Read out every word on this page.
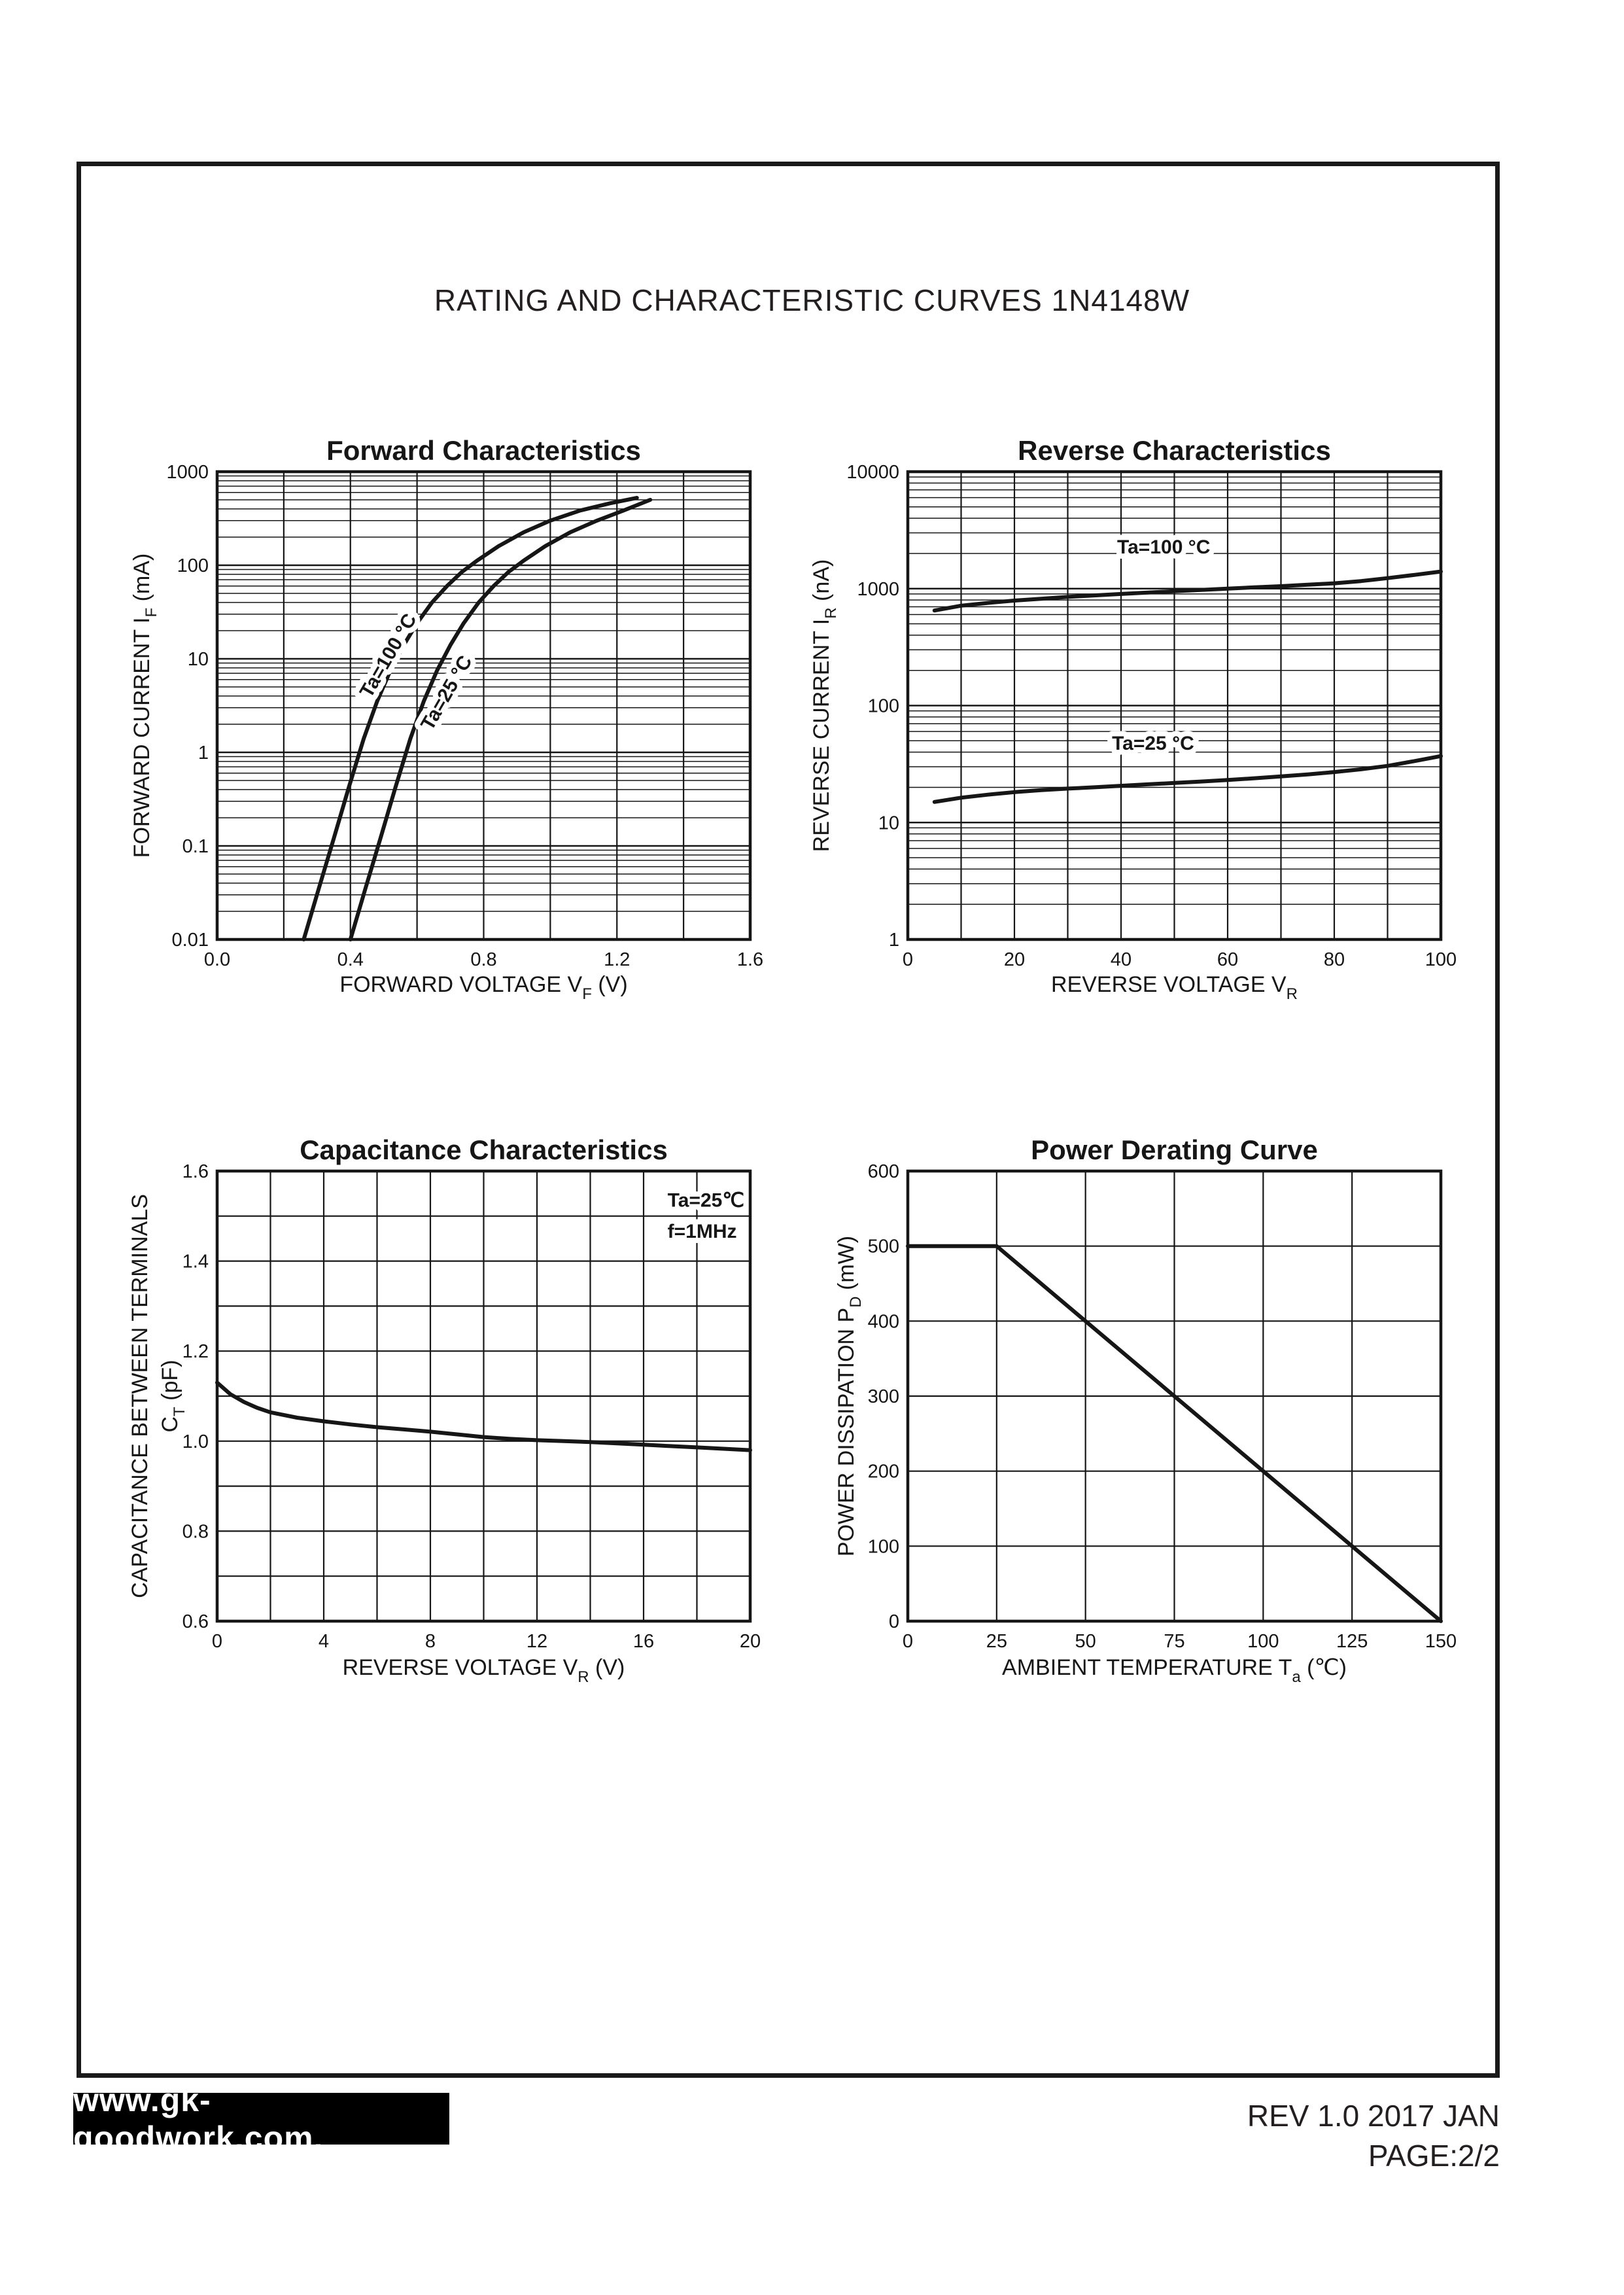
RATING AND CHARACTERISTIC CURVES 1N4148W
Ta=100 °C
Ta=25 °C
0.0	0.4	0.8	1.2	1.6
1000
100
10
1
0.1
0.01
Forward Characteristics
FORWARD VOLTAGE $V_F$ (V)
FORWARD CURRENT $I_F$ (mA)
Ta=100 °C
Ta=25 °C
0	20	40	60	80	100
10000
1000
100
10
1
Reverse Characteristics
REVERSE VOLTAGE $V_R$
REVERSE CURRENT $I_R$ (nA)
Ta=25℃
f=1MHz
0	4	8	12	16	20
1.6
1.4
1.2
1.0
0.8
0.6
Capacitance Characteristics
REVERSE VOLTAGE $V_R$ (V)
CAPACITANCE BETWEEN TERMINALS $C_T$ (pF)
0	25	50	75	100	125	150
600
500
400
300
200
100
0
Power Derating Curve
AMBIENT TEMPERATURE $T_a$ (℃)
POWER DISSIPATION $P_D$ (mW)
www.gk-goodwork.com.
REV 1.0 2017 JAN
PAGE:2/2
